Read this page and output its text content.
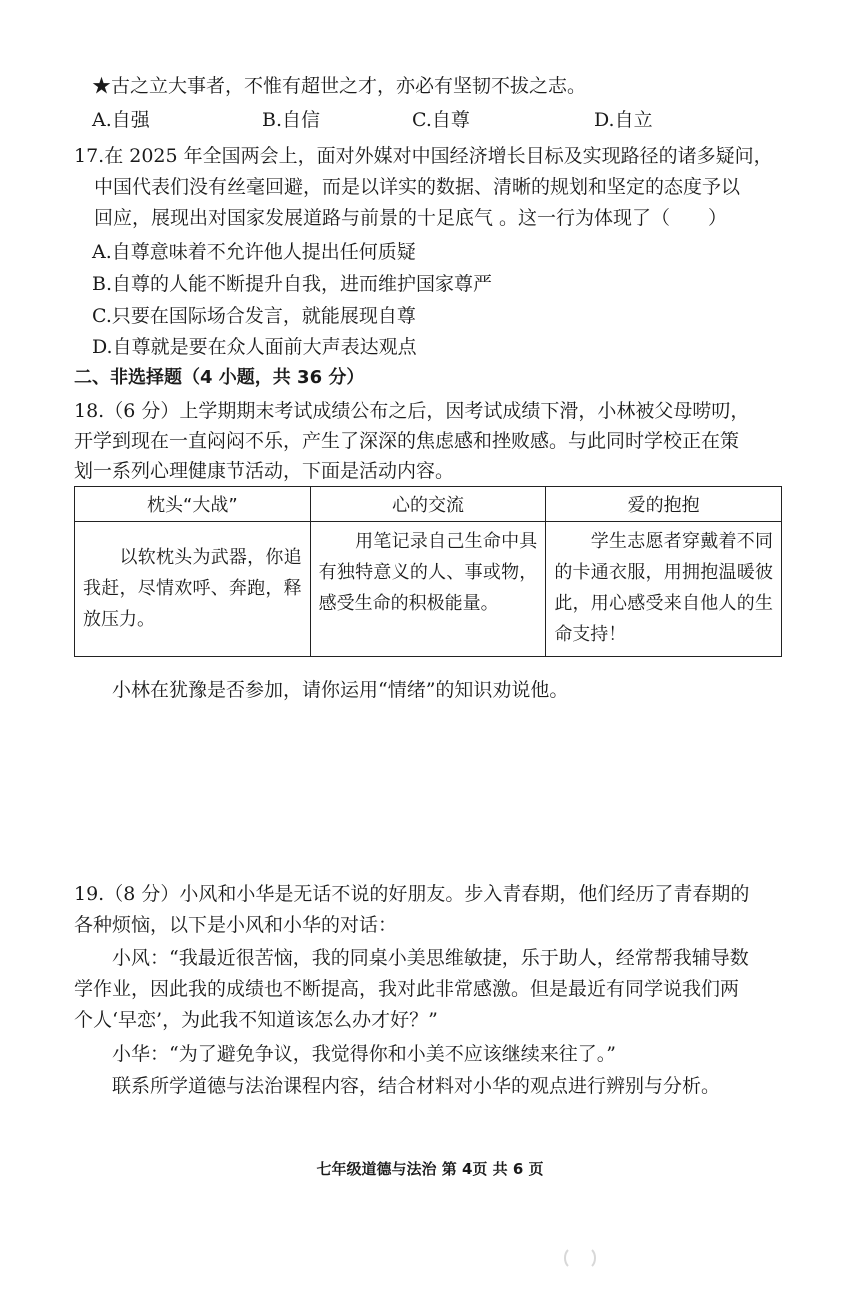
★古之立大事者，不惟有超世之才，亦必有坚韧不拔之志。
A.自强	B.自信	C.自尊	D.自立
17.在 2025 年全国两会上，面对外媒对中国经济增长目标及实现路径的诸多疑问，
中国代表们没有丝毫回避，而是以详实的数据、清晰的规划和坚定的态度予以
回应，展现出对国家发展道路与前景的十足底气 。这一行为体现了（　　）
A.自尊意味着不允许他人提出任何质疑
B.自尊的人能不断提升自我，进而维护国家尊严
C.只要在国际场合发言，就能展现自尊
D.自尊就是要在众人面前大声表达观点
二、非选择题（4 小题，共 36 分）
18.（6 分）上学期期末考试成绩公布之后，因考试成绩下滑，小林被父母唠叨，
开学到现在一直闷闷不乐，产生了深深的焦虑感和挫败感。与此同时学校正在策
划一系列心理健康节活动，下面是活动内容。
枕头“大战”	心的交流	爱的抱抱
　　以软枕头为武器，你追我赶，尽情欢呼、奔跑，释放压力。	　　用笔记录自己生命中具有独特意义的人、事或物，感受生命的积极能量。	　　学生志愿者穿戴着不同的卡通衣服，用拥抱温暖彼此，用心感受来自他人的生命支持！
小林在犹豫是否参加，请你运用“情绪”的知识劝说他。
19.（8 分）小风和小华是无话不说的好朋友。步入青春期，他们经历了青春期的
各种烦恼，以下是小风和小华的对话：
小风：“我最近很苦恼，我的同桌小美思维敏捷，乐于助人，经常帮我辅导数
学作业，因此我的成绩也不断提高，我对此非常感激。但是最近有同学说我们两
个人‘早恋’，为此我不知道该怎么办才好？”
小华：“为了避免争议，我觉得你和小美不应该继续来往了。”
联系所学道德与法治课程内容，结合材料对小华的观点进行辨别与分析。
七年级道德与法治 第 4页 共 6 页
